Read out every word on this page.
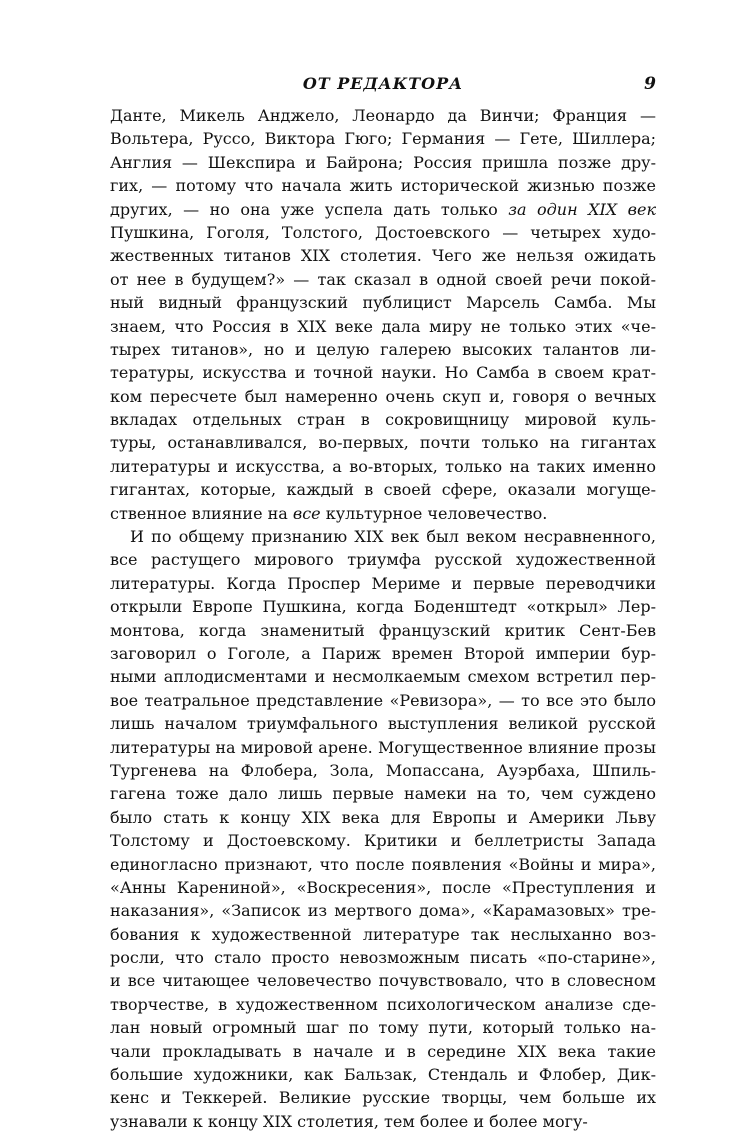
ОТ РЕДАКТОРА	9
Данте, Микель Анджело, Леонардо да Винчи; Франция —
Вольтера, Руссо, Виктора Гюго; Германия — Гете, Шиллера;
Англия — Шекспира и Байрона; Россия пришла позже дру-
гих, — потому что начала жить исторической жизнью позже
других, — но она уже успела дать только за один XIX век
Пушкина, Гоголя, Толстого, Достоевского — четырех худо-
жественных титанов XIX столетия. Чего же нельзя ожидать
от нее в будущем?» — так сказал в одной своей речи покой-
ный видный французский публицист Марсель Самба. Мы
знаем, что Россия в XIX веке дала миру не только этих «че-
тырех титанов», но и целую галерею высоких талантов ли-
тературы, искусства и точной науки. Но Самба в своем крат-
ком пересчете был намеренно очень скуп и, говоря о вечных
вкладах отдельных стран в сокровищницу мировой куль-
туры, останавливался, во-первых, почти только на гигантах
литературы и искусства, а во-вторых, только на таких именно
гигантах, которые, каждый в своей сфере, оказали могуще-
ственное влияние на все культурное человечество.
И по общему признанию XIX век был веком несравненного,
все растущего мирового триумфа русской художественной
литературы. Когда Проспер Мериме и первые переводчики
открыли Европе Пушкина, когда Боденштедт «открыл» Лер-
монтова, когда знаменитый французский критик Сент-Бев
заговорил о Гоголе, а Париж времен Второй империи бур-
ными аплодисментами и несмолкаемым смехом встретил пер-
вое театральное представление «Ревизора», — то все это было
лишь началом триумфального выступления великой русской
литературы на мировой арене. Могущественное влияние прозы
Тургенева на Флобера, Зола, Мопассана, Ауэрбаха, Шпиль-
гагена тоже дало лишь первые намеки на то, чем суждено
было стать к концу XIX века для Европы и Америки Льву
Толстому и Достоевскому. Критики и беллетристы Запада
единогласно признают, что после появления «Войны и мира»,
«Анны Карениной», «Воскресения», после «Преступления и
наказания», «Записок из мертвого дома», «Карамазовых» тре-
бования к художественной литературе так неслыханно воз-
росли, что стало просто невозможным писать «по-старине»,
и все читающее человечество почувствовало, что в словесном
творчестве, в художественном психологическом анализе сде-
лан новый огромный шаг по тому пути, который только на-
чали прокладывать в начале и в середине XIX века такие
большие художники, как Бальзак, Стендаль и Флобер, Дик-
кенс и Теккерей. Великие русские творцы, чем больше их
узнавали к концу XIX столетия, тем более и более могу-
